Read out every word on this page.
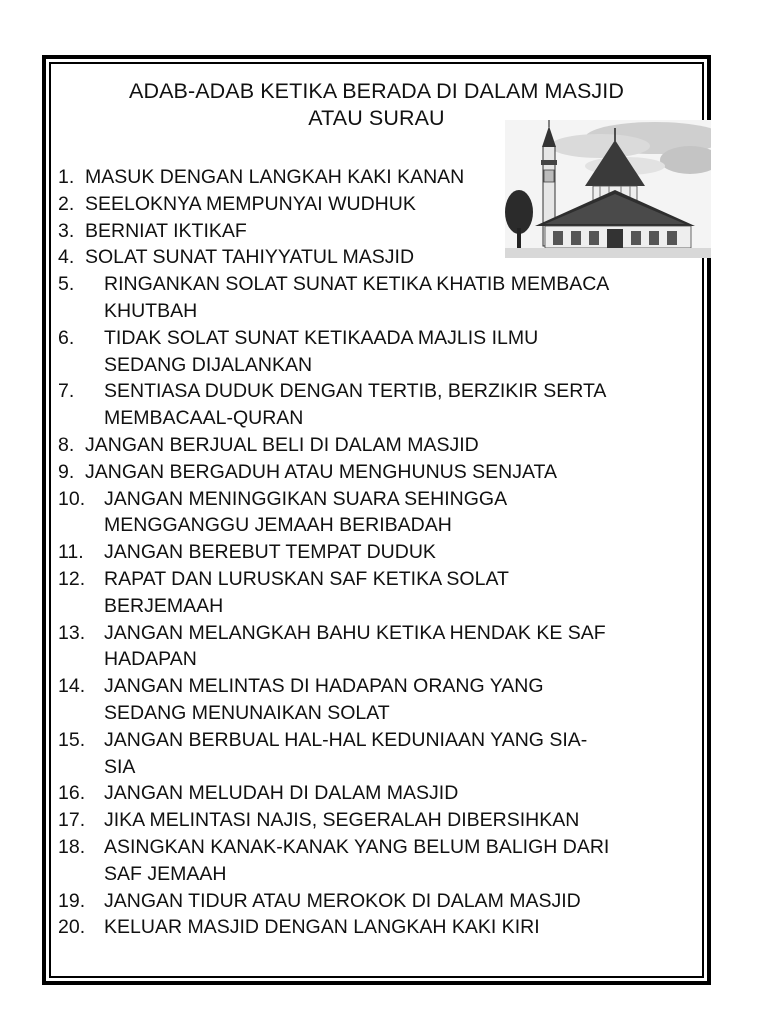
ADAB-ADAB KETIKA BERADA DI DALAM MASJID
ATAU SURAU
1. MASUK DENGAN LANGKAH KAKI KANAN
2. SEELOKNYA MEMPUNYAI WUDHUK
3. BERNIAT IKTIKAF
4. SOLAT SUNAT TAHIYYATUL MASJID
5.	RINGANKAN SOLAT SUNAT KETIKA KHATIB MEMBACA
KHUTBAH
6.	TIDAK SOLAT SUNAT KETIKAADA MAJLIS ILMU
SEDANG DIJALANKAN
7.	SENTIASA DUDUK DENGAN TERTIB, BERZIKIR SERTA
MEMBACAAL-QURAN
8. JANGAN BERJUAL BELI DI DALAM MASJID
9. JANGAN BERGADUH ATAU MENGHUNUS SENJATA
10. JANGAN MENINGGIKAN SUARA SEHINGGA
MENGGANGGU JEMAAH BERIBADAH
11.	JANGAN BEREBUT TEMPAT DUDUK
12. RAPAT DAN LURUSKAN SAF KETIKA SOLAT
BERJEMAAH
13. JANGAN MELANGKAH BAHU KETIKA HENDAK KE SAF
HADAPAN
14. JANGAN MELINTAS DI HADAPAN ORANG YANG
SEDANG MENUNAIKAN SOLAT
15. JANGAN BERBUAL HAL-HAL KEDUNIAAN YANG SIA-
SIA
16. JANGAN MELUDAH DI DALAM MASJID
17. JIKA MELINTASI NAJIS, SEGERALAH DIBERSIHKAN
18. ASINGKAN KANAK-KANAK YANG BELUM BALIGH DARI
SAF JEMAAH
19. JANGAN TIDUR ATAU MEROKOK DI DALAM MASJID
20. KELUAR MASJID DENGAN LANGKAH KAKI KIRI
